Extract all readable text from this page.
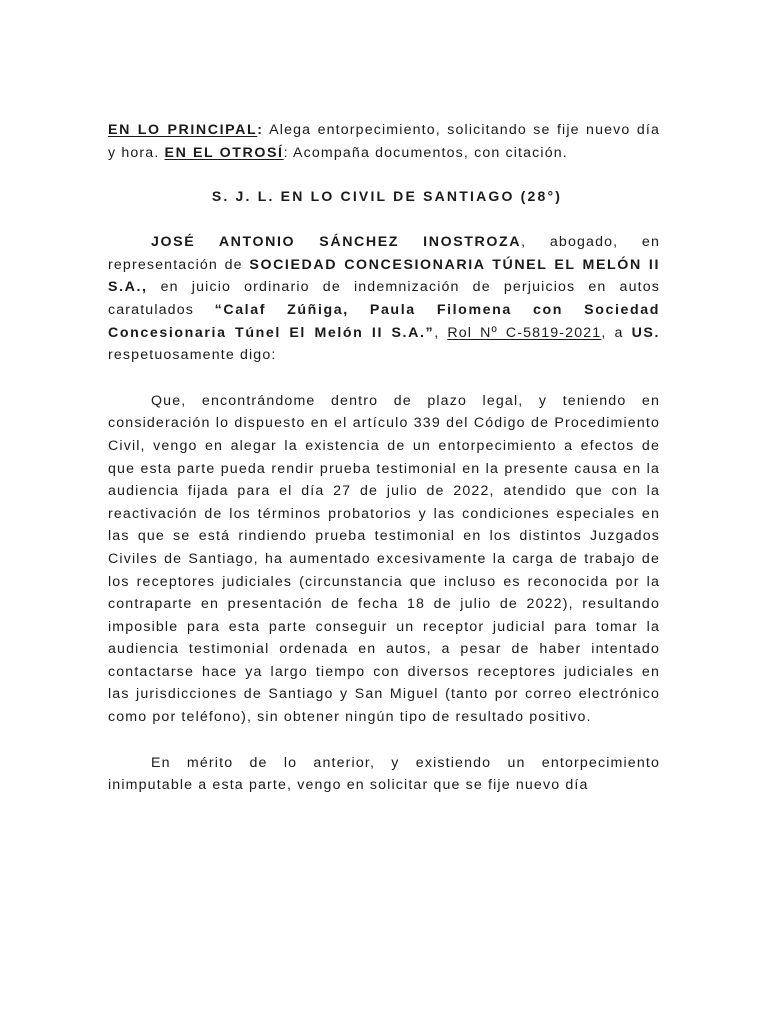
EN LO PRINCIPAL: Alega entorpecimiento, solicitando se fije nuevo día y hora. EN EL OTROSÍ: Acompaña documentos, con citación.

S. J. L. EN LO CIVIL DE SANTIAGO (28°)

JOSÉ ANTONIO SÁNCHEZ INOSTROZA, abogado, en representación de SOCIEDAD CONCESIONARIA TÚNEL EL MELÓN II S.A., en juicio ordinario de indemnización de perjuicios en autos caratulados “Calaf Zúñiga, Paula Filomena con Sociedad Concesionaria Túnel El Melón II S.A.”, Rol Nº C-5819-2021, a US. respetuosamente digo:

Que, encontrándome dentro de plazo legal, y teniendo en consideración lo dispuesto en el artículo 339 del Código de Procedimiento Civil, vengo en alegar la existencia de un entorpecimiento a efectos de que esta parte pueda rendir prueba testimonial en la presente causa en la audiencia fijada para el día 27 de julio de 2022, atendido que con la reactivación de los términos probatorios y las condiciones especiales en las que se está rindiendo prueba testimonial en los distintos Juzgados Civiles de Santiago, ha aumentado excesivamente la carga de trabajo de los receptores judiciales (circunstancia que incluso es reconocida por la contraparte en presentación de fecha 18 de julio de 2022), resultando imposible para esta parte conseguir un receptor judicial para tomar la audiencia testimonial ordenada en autos, a pesar de haber intentado contactarse hace ya largo tiempo con diversos receptores judiciales en las jurisdicciones de Santiago y San Miguel (tanto por correo electrónico como por teléfono), sin obtener ningún tipo de resultado positivo.

En mérito de lo anterior, y existiendo un entorpecimiento inimputable a esta parte, vengo en solicitar que se fije nuevo día
